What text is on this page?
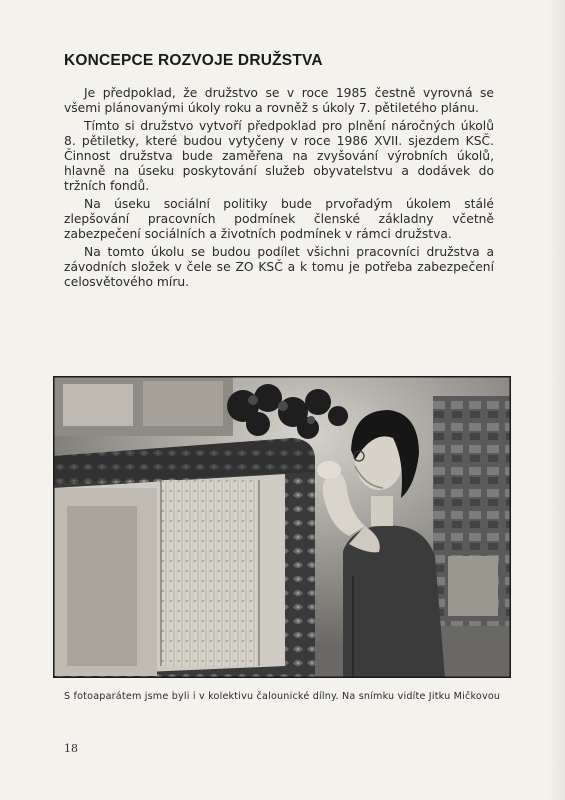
KONCEPCE ROZVOJE DRUŽSTVA

Je předpoklad, že družstvo se v roce 1985 čestně vyrovná se všemi plánovanými úkoly roku a rovněž s úkoly 7. pětiletého plánu.

Tímto si družstvo vytvoří předpoklad pro plnění náročných úkolů 8. pětiletky, které budou vytyčeny v roce 1986 XVII. sjezdem KSČ. Činnost družstva bude zaměřena na zvyšování výrobních úkolů, hlavně na úseku poskytování služeb obyvatelstvu a dodávek do tržních fondů.

Na úseku sociální politiky bude prvořadým úkolem stálé zlepšování pracovních podmínek členské základny včetně zabezpečení sociálních a životních podmínek v rámci družstva.

Na tomto úkolu se budou podílet všichni pracovníci družstva a závodních složek v čele se ZO KSČ a k tomu je potřeba zabezpečení celosvětového míru.

S fotoaparátem jsme byli i v kolektivu čalounické dílny. Na snímku vidíte Jitku Mičkovou
18
